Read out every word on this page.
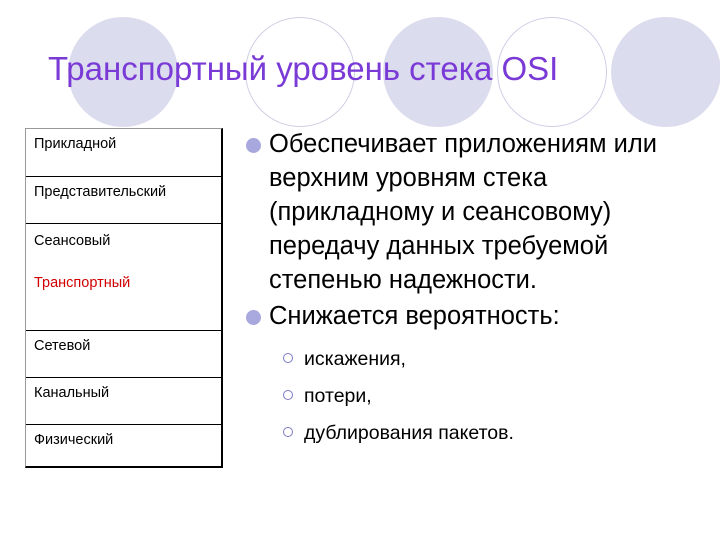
Транспортный уровень стека OSI
Прикладной
Представительский
Сеансовый
Транспортный
Сетевой
Канальный
Физический
Обеспечивает приложениям или верхним уровням стека (прикладному и сеансовому) передачу данных требуемой степенью надежности.
Снижается вероятность:
искажения,
потери,
дублирования пакетов.
